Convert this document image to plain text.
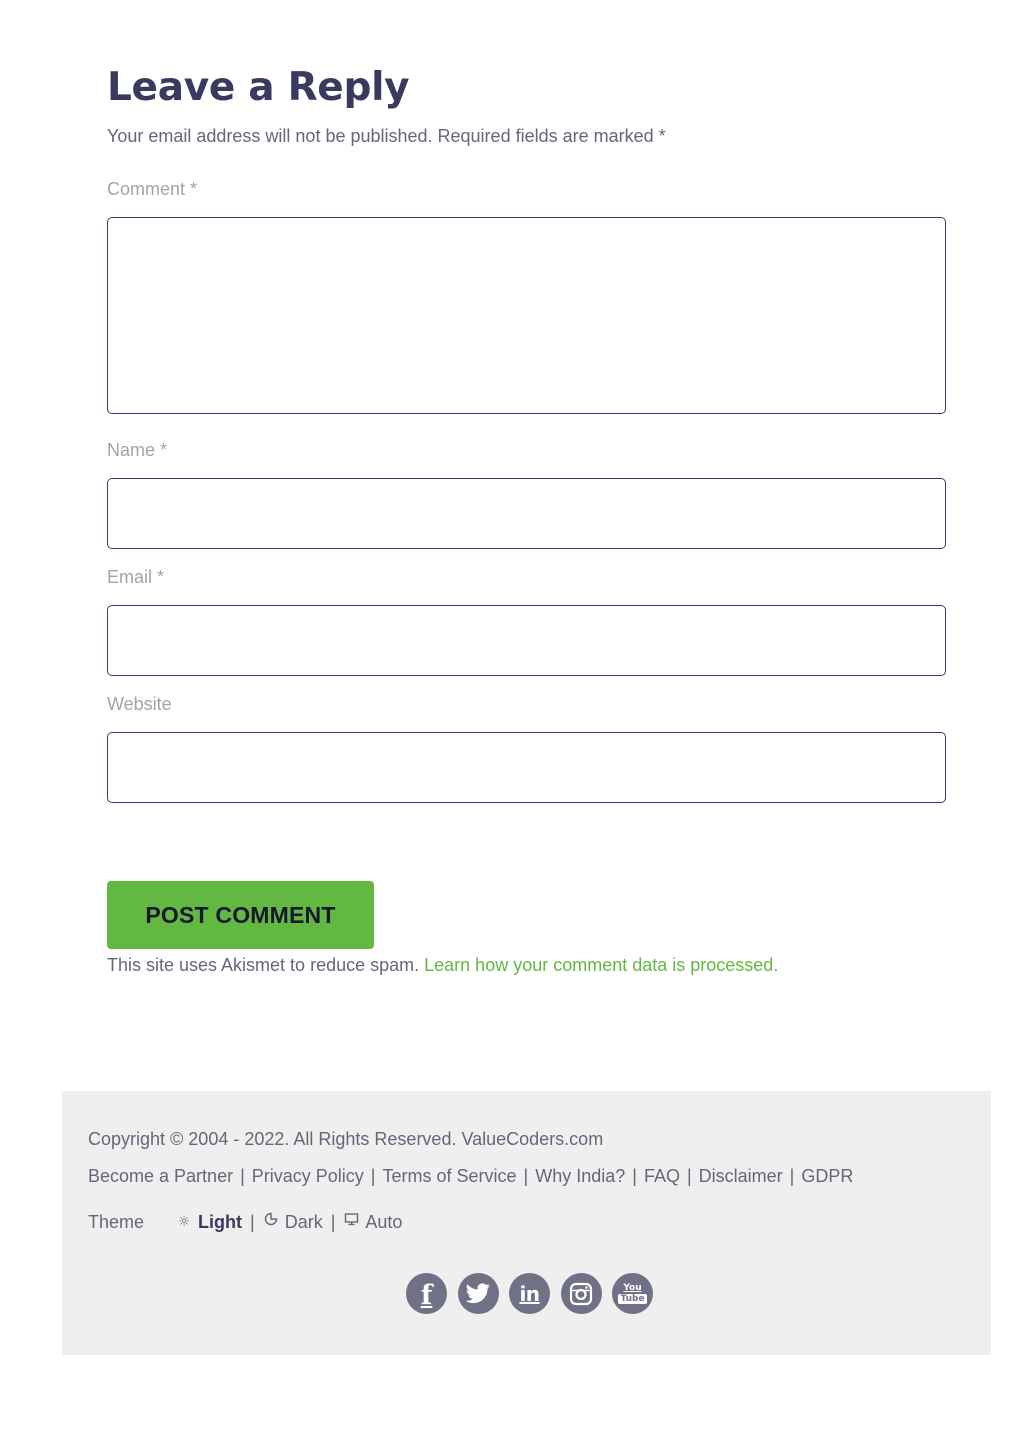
Leave a Reply
Your email address will not be published. Required fields are marked *
Comment *
Name *
Email *
Website
POST COMMENT
This site uses Akismet to reduce spam. Learn how your comment data is processed.
Copyright © 2004 - 2022. All Rights Reserved. ValueCoders.com
Become a Partner | Privacy Policy | Terms of Service | Why India? | FAQ | Disclaimer | GDPR
Theme ☼ Light | Dark | Auto
f	in	You
Tube
